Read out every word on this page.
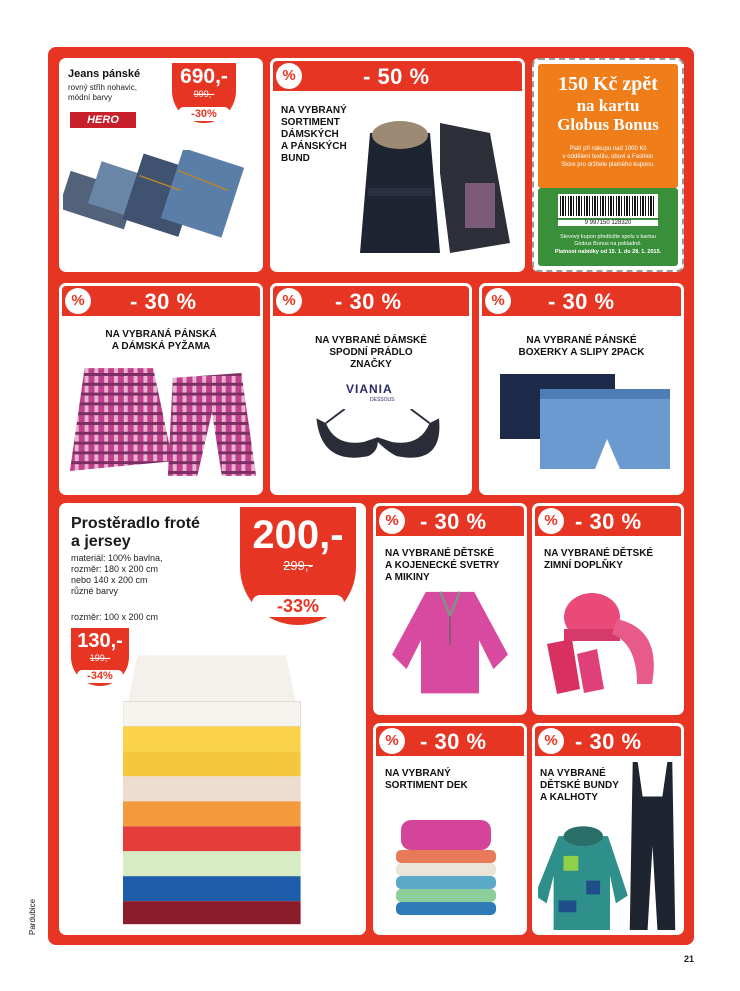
Jeans pánské
rovný střih nohavic,
módní barvy
HERO
690,-
999,-
-30%
%	- 50 %
NA VYBRANÝ
SORTIMENT
DÁMSKÝCH
A PÁNSKÝCH
BUND
150 Kč zpět
na kartu
Globus Bonus
Platí při nákupu nad 1000 Kč
v oddělení textilu, obuvi a Fashion
Store pro držitele platného kuponu.
9 997150 128320
Slevový kupon předložte spolu s kartou
Globus Bonus na pokladně.
Platnost nabídky od 15. 1. do 28. 1. 2015.
% - 30 %
NA VYBRANÁ PÁNSKÁ
A DÁMSKÁ PYŽAMA
% - 30 %
NA VYBRANÉ DÁMSKÉ
SPODNÍ PRÁDLO
ZNAČKY
VIANIA
DESSOUS
% - 30 %
NA VYBRANÉ PÁNSKÉ
BOXERKY A SLIPY 2PACK
Prostěradlo froté
a jersey
materiál: 100% bavlna,
rozměr: 180 x 200 cm
nebo 140 x 200 cm
různé barvy
rozměr: 100 x 200 cm
200,-
299,-
-33%
130,-
199,-
-34%
% - 30 %
NA VYBRANÉ DĚTSKÉ
A KOJENECKÉ SVETRY
A MIKINY
% - 30 %
NA VYBRANÉ DĚTSKÉ
ZIMNÍ DOPLŇKY
% - 30 %
NA VYBRANÝ
SORTIMENT DEK
% - 30 %
NA VYBRANÉ
DĚTSKÉ BUNDY
A KALHOTY
Pardubice
21
